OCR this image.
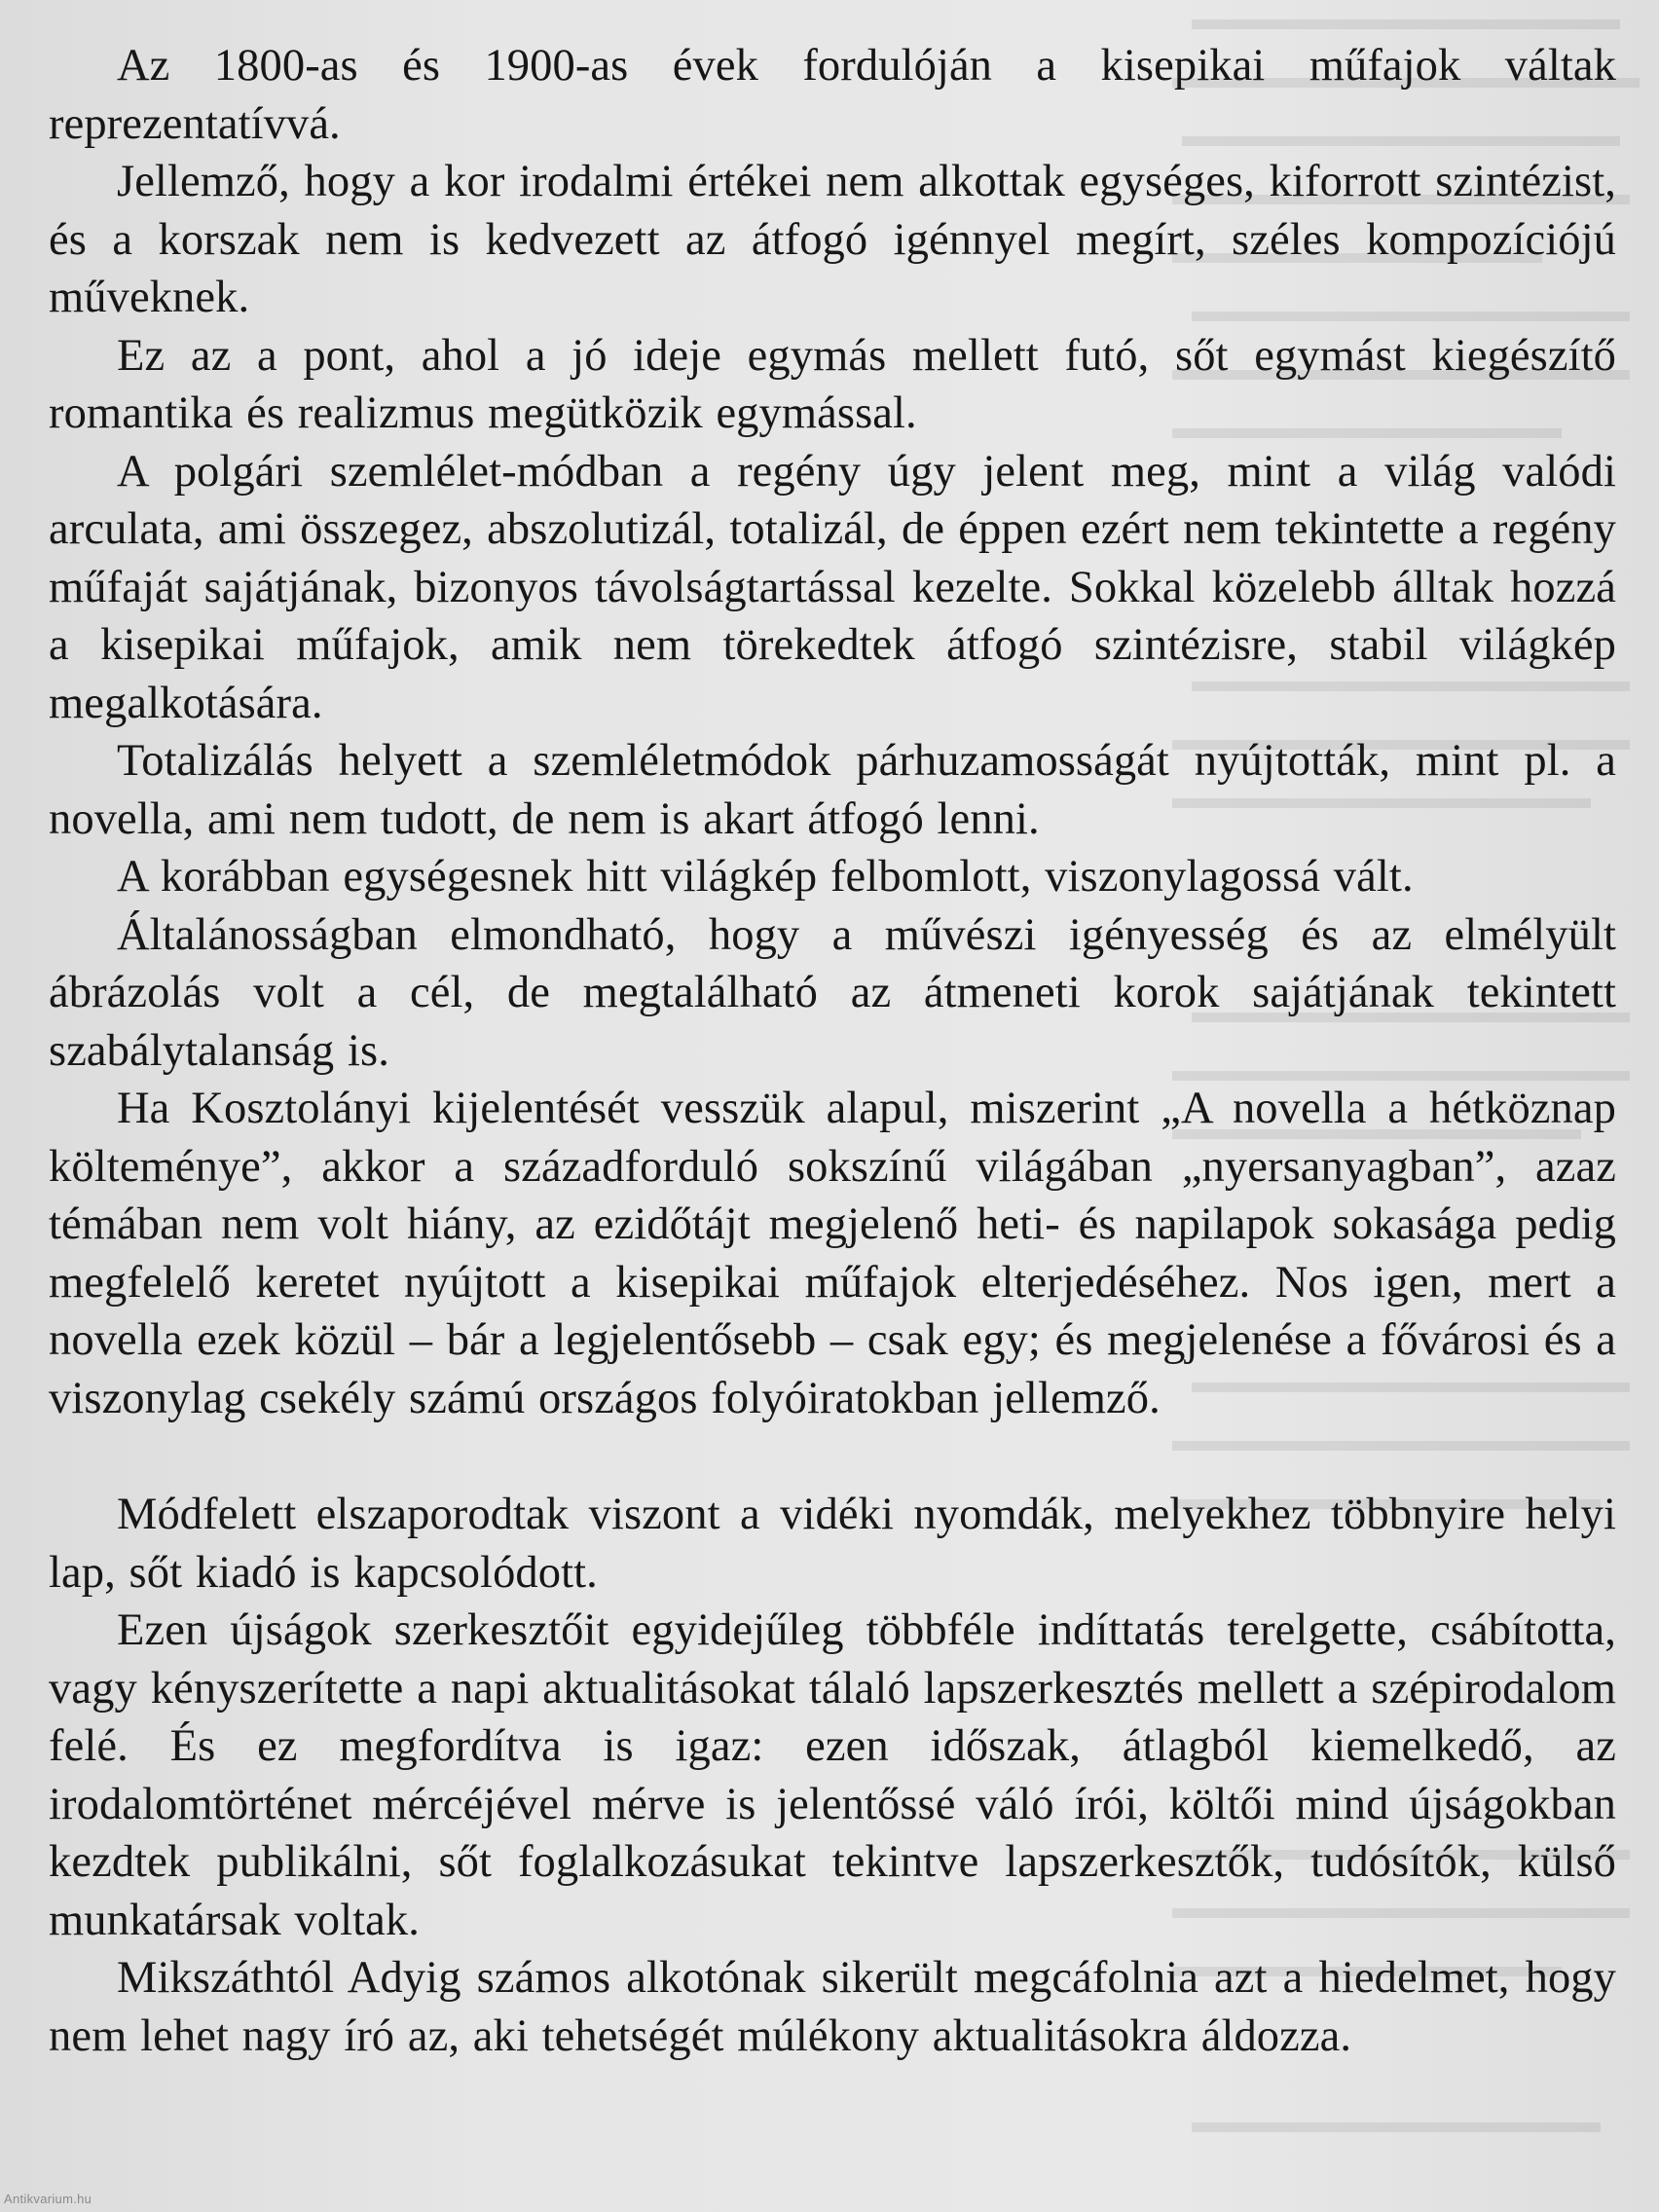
Az 1800-as és 1900-as évek fordulóján a kisepikai műfajok váltak reprezentatívvá.

Jellemző, hogy a kor irodalmi értékei nem alkottak egységes, kiforrott szintézist, és a korszak nem is kedvezett az átfogó igénnyel megírt, széles kompozíciójú műveknek.

Ez az a pont, ahol a jó ideje egymás mellett futó, sőt egymást kiegészítő romantika és realizmus megütközik egymással.

A polgári szemlélet-módban a regény úgy jelent meg, mint a világ valódi arculata, ami összegez, abszolutizál, totalizál, de éppen ezért nem tekintette a regény műfaját sajátjának, bizonyos távolságtartással kezelte. Sokkal közelebb álltak hozzá a kisepikai műfajok, amik nem törekedtek átfogó szintézisre, stabil világkép megalkotására.

Totalizálás helyett a szemléletmódok párhuzamosságát nyújtották, mint pl. a novella, ami nem tudott, de nem is akart átfogó lenni.

A korábban egységesnek hitt világkép felbomlott, viszonylagossá vált.

Általánosságban elmondható, hogy a művészi igényesség és az elmélyült ábrázolás volt a cél, de megtalálható az átmeneti korok sajátjának tekintett szabálytalanság is.

Ha Kosztolányi kijelentését vesszük alapul, miszerint „A novella a hétköznap költeménye”, akkor a századforduló sokszínű világában „nyersanyagban”, azaz témában nem volt hiány, az ezidőtájt megjelenő heti- és napilapok sokasága pedig megfelelő keretet nyújtott a kisepikai műfajok elterjedéséhez. Nos igen, mert a novella ezek közül – bár a legjelentősebb – csak egy; és megjelenése a fővárosi és a viszonylag csekély számú országos folyóiratokban jellemző.

Módfelett elszaporodtak viszont a vidéki nyomdák, melyekhez többnyire helyi lap, sőt kiadó is kapcsolódott.

Ezen újságok szerkesztőit egyidejűleg többféle indíttatás terelgette, csábította, vagy kényszerítette a napi aktualitásokat tálaló lapszerkesztés mellett a szépirodalom felé. És ez megfordítva is igaz: ezen időszak, átlagból kiemelkedő, az irodalomtörténet mércéjével mérve is jelentőssé váló írói, költői mind újságokban kezdtek publikálni, sőt foglalkozásukat tekintve lapszerkesztők, tudósítók, külső munkatársak voltak.

Mikszáthtól Adyig számos alkotónak sikerült megcáfolnia azt a hiedelmet, hogy nem lehet nagy író az, aki tehetségét múlékony aktualitásokra áldozza.

Antikvarium.hu
